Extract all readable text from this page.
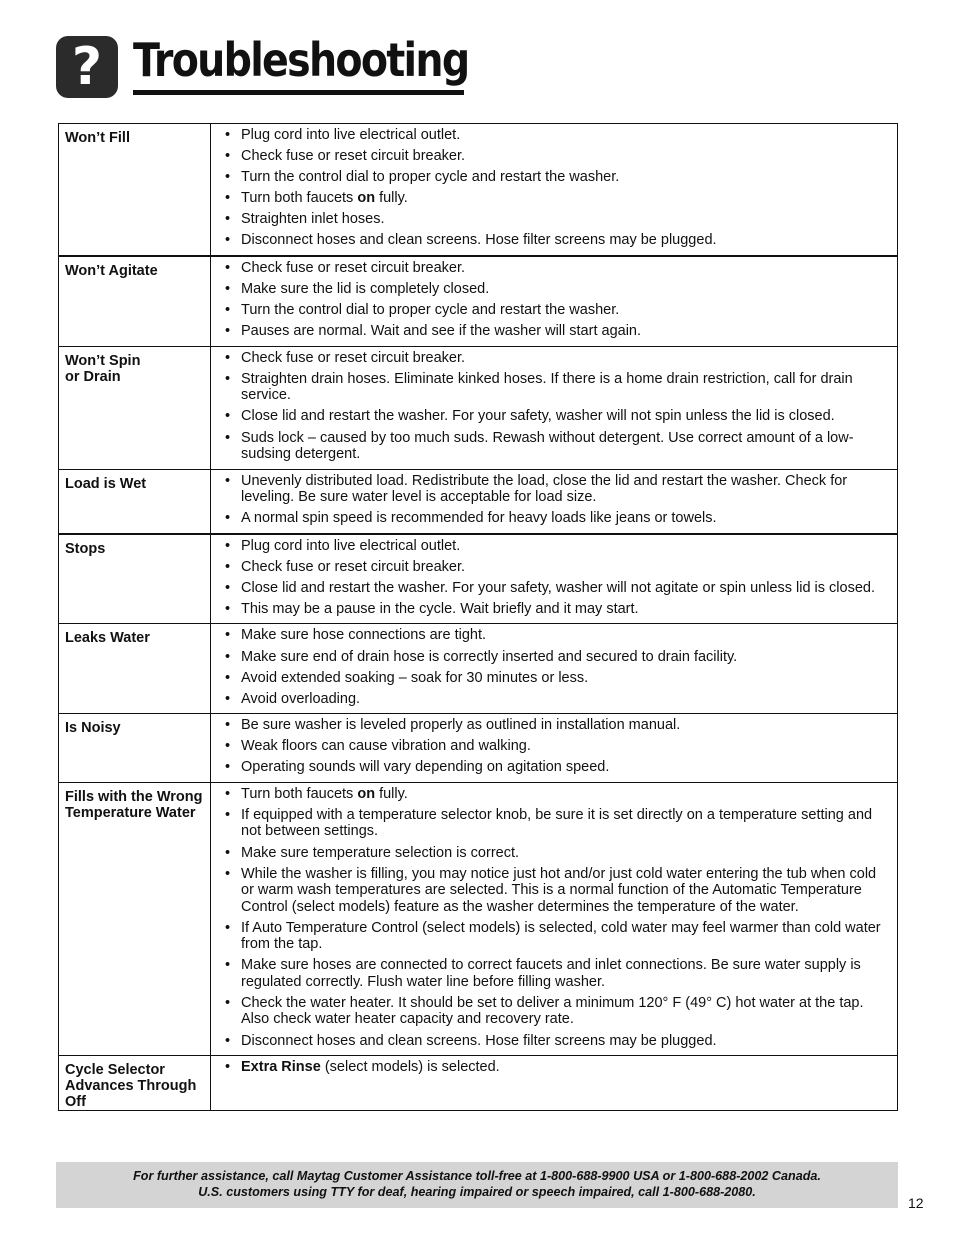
? Troubleshooting
Won’t Fill	• Plug cord into live electrical outlet.
• Check fuse or reset circuit breaker.
• Turn the control dial to proper cycle and restart the washer.
• Turn both faucets on fully.
• Straighten inlet hoses.
• Disconnect hoses and clean screens. Hose filter screens may be plugged.
Won’t Agitate	• Check fuse or reset circuit breaker.
• Make sure the lid is completely closed.
• Turn the control dial to proper cycle and restart the washer.
• Pauses are normal. Wait and see if the washer will start again.
Won’t Spin
or Drain
• Check fuse or reset circuit breaker.
• Straighten drain hoses. Eliminate kinked hoses. If there is a home drain restriction, call for drain service.
• Close lid and restart the washer. For your safety, washer will not spin unless the lid is closed.
• Suds lock – caused by too much suds. Rewash without detergent. Use correct amount of a low-sudsing detergent.
Load is Wet	• Unevenly distributed load. Redistribute the load, close the lid and restart the washer. Check for leveling. Be sure water level is acceptable for load size.
• A normal spin speed is recommended for heavy loads like jeans or towels.
Stops	• Plug cord into live electrical outlet.
• Check fuse or reset circuit breaker.
• Close lid and restart the washer. For your safety, washer will not agitate or spin unless lid is closed.
• This may be a pause in the cycle. Wait briefly and it may start.
Leaks Water	• Make sure hose connections are tight.
• Make sure end of drain hose is correctly inserted and secured to drain facility.
• Avoid extended soaking – soak for 30 minutes or less.
• Avoid overloading.
Is Noisy	• Be sure washer is leveled properly as outlined in installation manual.
• Weak floors can cause vibration and walking.
• Operating sounds will vary depending on agitation speed.
Fills with the Wrong
Temperature Water
• Turn both faucets on fully.
• If equipped with a temperature selector knob, be sure it is set directly on a temperature setting and not between settings.
• Make sure temperature selection is correct.
• While the washer is filling, you may notice just hot and/or just cold water entering the tub when cold or warm wash temperatures are selected. This is a normal function of the Automatic Temperature Control (select models) feature as the washer determines the temperature of the water.
• If Auto Temperature Control (select models) is selected, cold water may feel warmer than cold water from the tap.
• Make sure hoses are connected to correct faucets and inlet connections. Be sure water supply is regulated correctly. Flush water line before filling washer.
• Check the water heater. It should be set to deliver a minimum 120° F (49° C) hot water at the tap. Also check water heater capacity and recovery rate.
• Disconnect hoses and clean screens. Hose filter screens may be plugged.
Cycle Selector
Advances Through
Off
• Extra Rinse (select models) is selected.
For further assistance, call Maytag Customer Assistance toll-free at 1-800-688-9900 USA or 1-800-688-2002 Canada.
U.S. customers using TTY for deaf, hearing impaired or speech impaired, call 1-800-688-2080.
12
